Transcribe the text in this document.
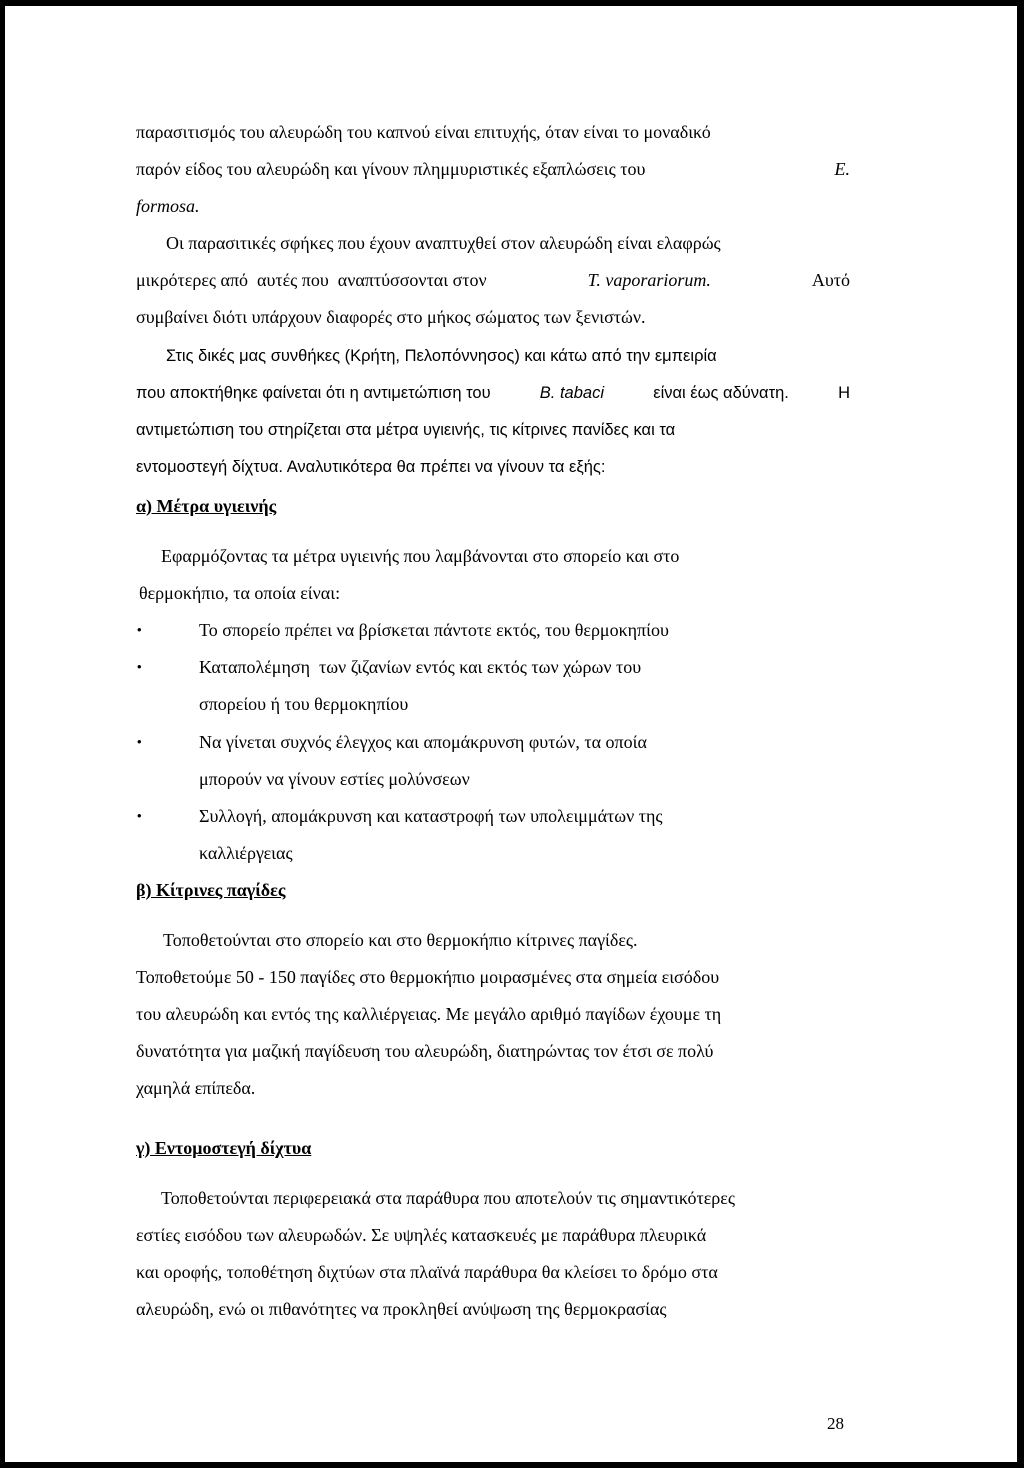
παρασιτισμός του αλευρώδη του καπνού είναι επιτυχής, όταν είναι το μοναδικό
παρόν είδος του αλευρώδη και γίνουν πλημμυριστικές εξαπλώσεις του	E.
formosa.
Οι παρασιτικές σφήκες που έχουν αναπτυχθεί στον αλευρώδη είναι ελαφρώς
μικρότερες από  αυτές που  αναπτύσσονται στον	T. vaporariorum.	Αυτό
συμβαίνει διότι υπάρχουν διαφορές στο μήκος σώματος των ξενιστών.
Στις δικές μας συνθήκες (Κρήτη, Πελοπόννησος) και κάτω από την εμπειρία
που αποκτήθηκε φαίνεται ότι η αντιμετώπιση του	B. tabaci	είναι έως αδύνατη.	Η
αντιμετώπιση του στηρίζεται στα μέτρα υγιεινής, τις κίτρινες πανίδες και τα
εντομοστεγή δίχτυα. Αναλυτικότερα θα πρέπει να γίνουν τα εξής:
α) Μέτρα υγιεινής
Εφαρμόζοντας τα μέτρα υγιεινής που λαμβάνονται στο σπορείο και στο
θερμοκήπιο, τα οποία είναι:
•	Το σπορείο πρέπει να βρίσκεται πάντοτε εκτός, του θερμοκηπίου
•	Καταπολέμηση  των ζιζανίων εντός και εκτός των χώρων του
σπορείου ή του θερμοκηπίου
•	Να γίνεται συχνός έλεγχος και απομάκρυνση φυτών, τα οποία
μπορούν να γίνουν εστίες μολύνσεων
•	Συλλογή, απομάκρυνση και καταστροφή των υπολειμμάτων της
καλλιέργειας
β) Κίτρινες παγίδες
Τοποθετούνται στο σπορείο και στο θερμοκήπιο κίτρινες παγίδες.
Τοποθετούμε 50 - 150 παγίδες στο θερμοκήπιο μοιρασμένες στα σημεία εισόδου
του αλευρώδη και εντός της καλλιέργειας. Με μεγάλο αριθμό παγίδων έχουμε τη
δυνατότητα για μαζική παγίδευση του αλευρώδη, διατηρώντας τον έτσι σε πολύ
χαμηλά επίπεδα.
γ) Εντομοστεγή δίχτυα
Τοποθετούνται περιφερειακά στα παράθυρα που αποτελούν τις σημαντικότερες
εστίες εισόδου των αλευρωδών. Σε υψηλές κατασκευές με παράθυρα πλευρικά
και οροφής, τοποθέτηση διχτύων στα πλαϊνά παράθυρα θα κλείσει το δρόμο στα
αλευρώδη, ενώ οι πιθανότητες να προκληθεί ανύψωση της θερμοκρασίας
28
